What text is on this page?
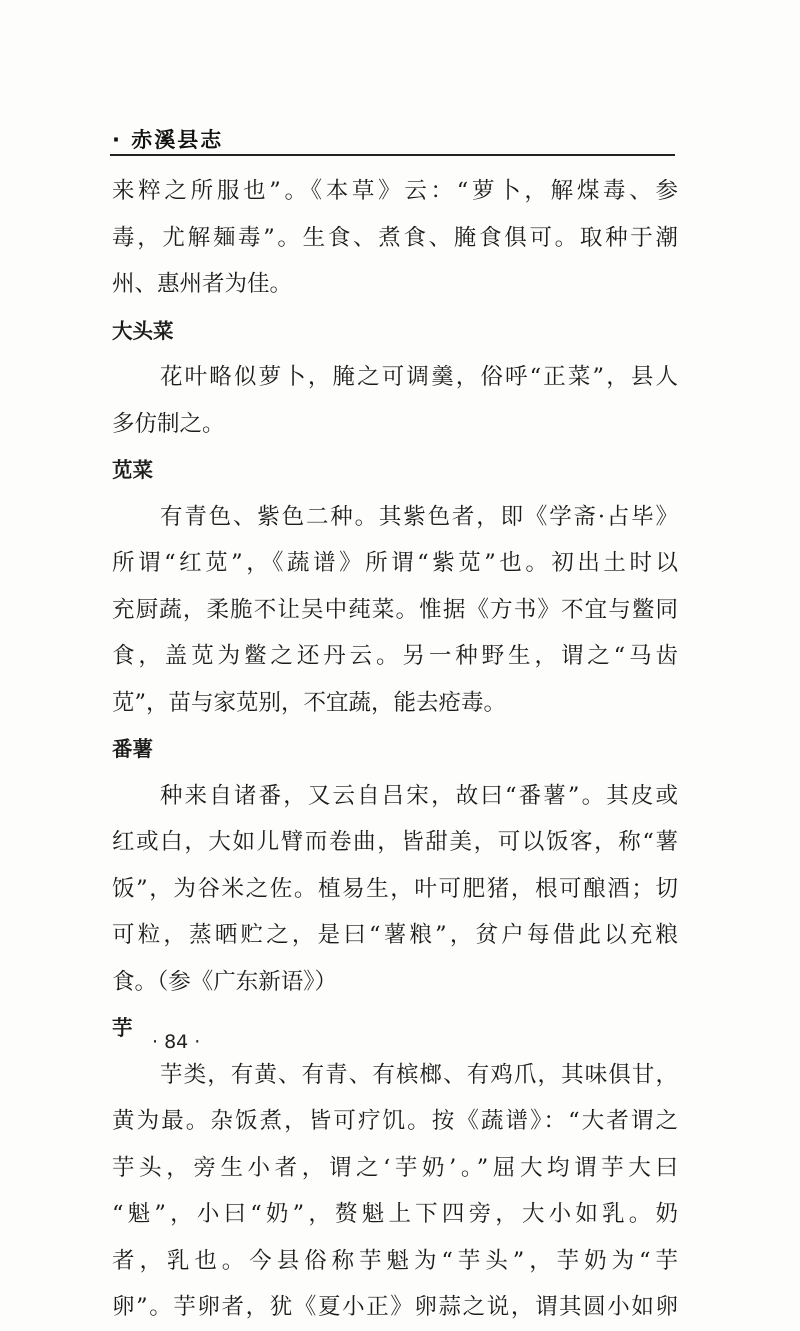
· 赤溪县志
来粹之所服也”。《本草》云：“萝卜，解煤毒、参
毒，尤解麺毒”。生食、煮食、腌食俱可。取种于潮
州、惠州者为佳。
大头菜
花叶略似萝卜，腌之可调羹，俗呼“正菜”，县人
多仿制之。
苋菜
有青色、紫色二种。其紫色者，即《学斋·占毕》
所谓“红苋”，《蔬谱》所谓“紫苋”也。初出土时以
充厨蔬，柔脆不让吴中莼菜。惟据《方书》不宜与鳖同
食，盖苋为鳖之还丹云。另一种野生，谓之“马齿
苋”，苗与家苋别，不宜蔬，能去疮毒。
番薯
种来自诸番，又云自吕宋，故曰“番薯”。其皮或
红或白，大如儿臂而卷曲，皆甜美，可以饭客，称“薯
饭”，为谷米之佐。植易生，叶可肥猪，根可酿酒；切
可粒，蒸晒贮之，是曰“薯粮”，贫户每借此以充粮
食。（参《广东新语》）
芋
芋类，有黄、有青、有槟榔、有鸡爪，其味俱甘，
黄为最。杂饭煮，皆可疗饥。按《蔬谱》：“大者谓之
芋头，旁生小者，谓之‘芋奶’。”屈大均谓芋大曰
“魁”，小曰“奶”，赘魁上下四旁，大小如乳。奶
者，乳也。今县俗称芋魁为“芋头”，芋奶为“芋
卵”。芋卵者，犹《夏小正》卵蒜之说，谓其圆小如卵
· 84 ·
